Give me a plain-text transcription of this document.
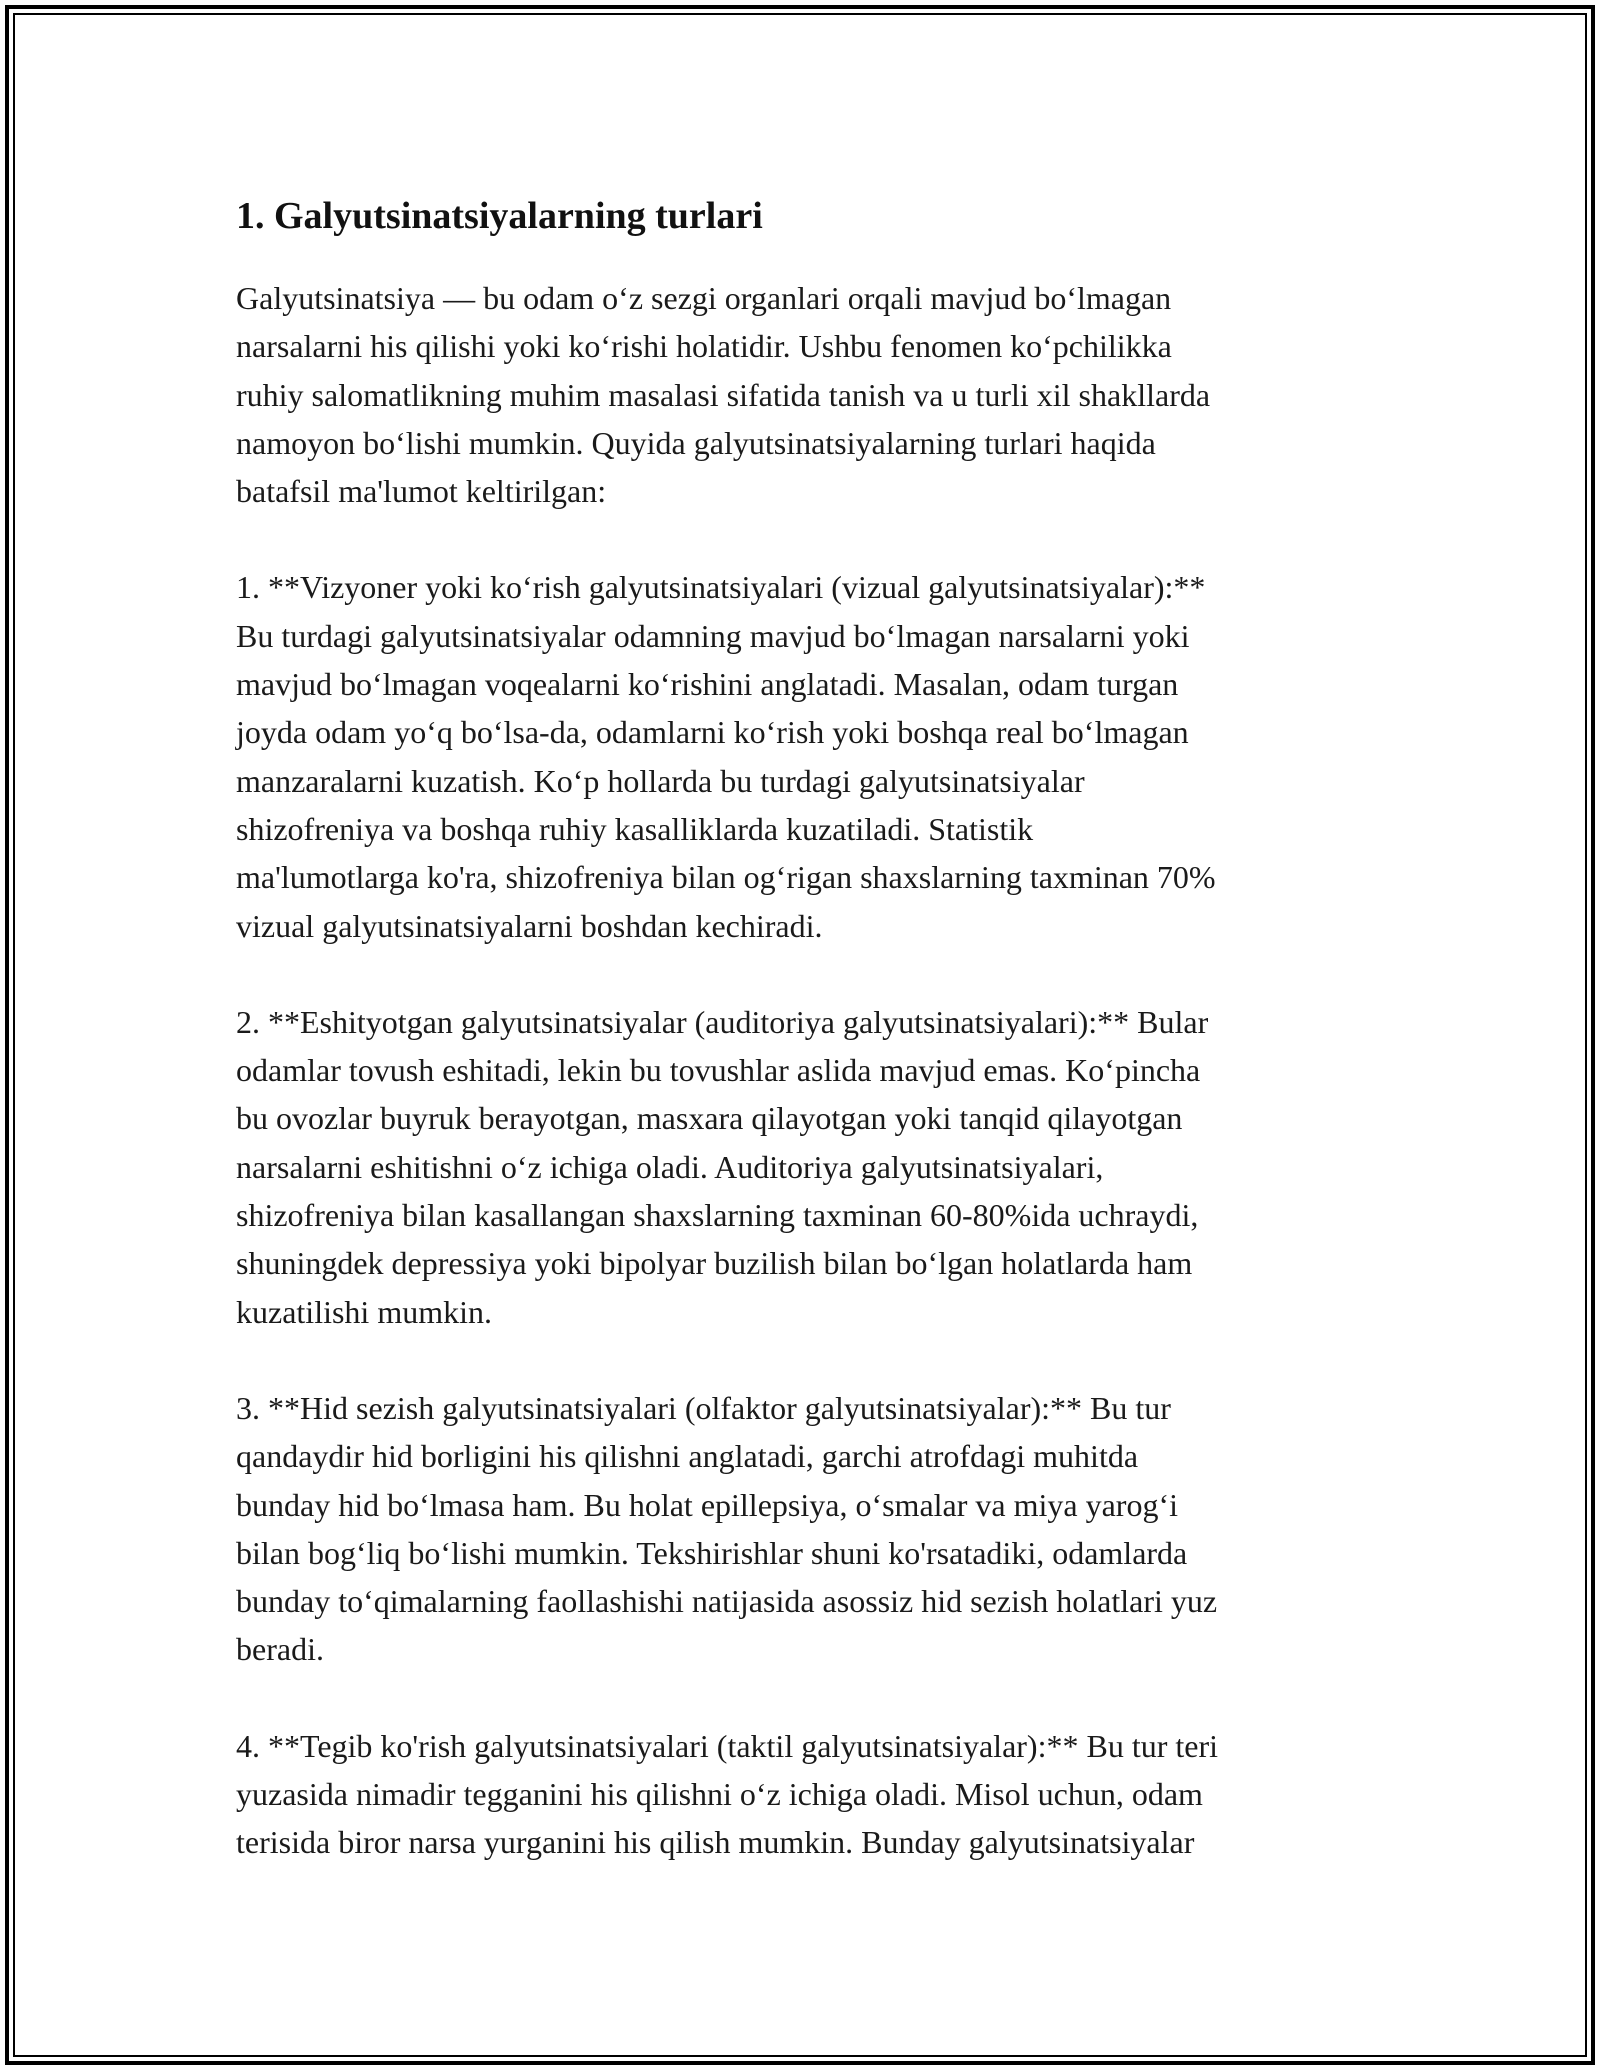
1. Galyutsinatsiyalarning turlari

Galyutsinatsiya — bu odam o‘z sezgi organlari orqali mavjud bo‘lmagan
narsalarni his qilishi yoki ko‘rishi holatidir. Ushbu fenomen ko‘pchilikka
ruhiy salomatlikning muhim masalasi sifatida tanish va u turli xil shakllarda
namoyon bo‘lishi mumkin. Quyida galyutsinatsiyalarning turlari haqida
batafsil ma'lumot keltirilgan:

1. **Vizyoner yoki ko‘rish galyutsinatsiyalari (vizual galyutsinatsiyalar):**
Bu turdagi galyutsinatsiyalar odamning mavjud bo‘lmagan narsalarni yoki
mavjud bo‘lmagan voqealarni ko‘rishini anglatadi. Masalan, odam turgan
joyda odam yo‘q bo‘lsa-da, odamlarni ko‘rish yoki boshqa real bo‘lmagan
manzaralarni kuzatish. Ko‘p hollarda bu turdagi galyutsinatsiyalar
shizofreniya va boshqa ruhiy kasalliklarda kuzatiladi. Statistik
ma'lumotlarga ko'ra, shizofreniya bilan og‘rigan shaxslarning taxminan 70%
vizual galyutsinatsiyalarni boshdan kechiradi.

2. **Eshityotgan galyutsinatsiyalar (auditoriya galyutsinatsiyalari):** Bular
odamlar tovush eshitadi, lekin bu tovushlar aslida mavjud emas. Ko‘pincha
bu ovozlar buyruk berayotgan, masxara qilayotgan yoki tanqid qilayotgan
narsalarni eshitishni o‘z ichiga oladi. Auditoriya galyutsinatsiyalari,
shizofreniya bilan kasallangan shaxslarning taxminan 60-80%ida uchraydi,
shuningdek depressiya yoki bipolyar buzilish bilan bo‘lgan holatlarda ham
kuzatilishi mumkin.

3. **Hid sezish galyutsinatsiyalari (olfaktor galyutsinatsiyalar):** Bu tur
qandaydir hid borligini his qilishni anglatadi, garchi atrofdagi muhitda
bunday hid bo‘lmasa ham. Bu holat epillepsiya, o‘smalar va miya yarog‘i
bilan bog‘liq bo‘lishi mumkin. Tekshirishlar shuni ko'rsatadiki, odamlarda
bunday to‘qimalarning faollashishi natijasida asossiz hid sezish holatlari yuz
beradi.

4. **Tegib ko'rish galyutsinatsiyalari (taktil galyutsinatsiyalar):** Bu tur teri
yuzasida nimadir tegganini his qilishni o‘z ichiga oladi. Misol uchun, odam
terisida biror narsa yurganini his qilish mumkin. Bunday galyutsinatsiyalar
